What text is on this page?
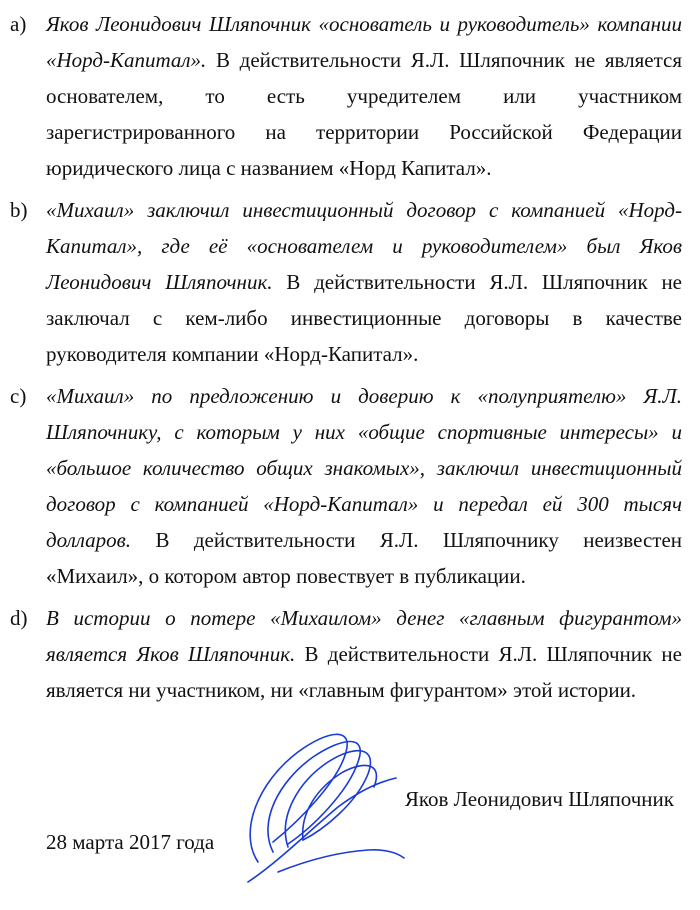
a) Яков Леонидович Шляпочник «основатель и руководитель» компании «Норд-Капитал». В действительности Я.Л. Шляпочник не является основателем, то есть учредителем или участником зарегистрированного на территории Российской Федерации юридического лица с названием «Норд Капитал».
b) «Михаил» заключил инвестиционный договор с компанией «Норд-Капитал», где её «основателем и руководителем» был Яков Леонидович Шляпочник. В действительности Я.Л. Шляпочник не заключал с кем-либо инвестиционные договоры в качестве руководителя компании «Норд-Капитал».
c) «Михаил» по предложению и доверию к «полуприятелю» Я.Л. Шляпочнику, с которым у них «общие спортивные интересы» и «большое количество общих знакомых», заключил инвестиционный договор с компанией «Норд-Капитал» и передал ей 300 тысяч долларов. В действительности Я.Л. Шляпочнику неизвестен «Михаил», о котором автор повествует в публикации.
d) В истории о потере «Михаилом» денег «главным фигурантом» является Яков Шляпочник. В действительности Я.Л. Шляпочник не является ни участником, ни «главным фигурантом» этой истории.
Яков Леонидович Шляпочник
28 марта 2017 года
